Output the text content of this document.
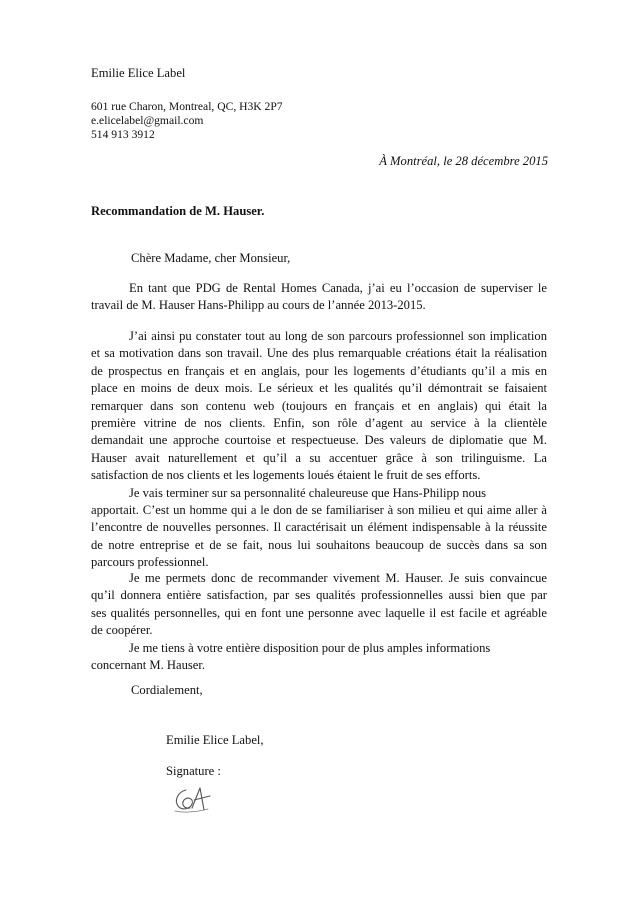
Emilie Elice Label
601 rue Charon, Montreal, QC, H3K 2P7
e.elicelabel@gmail.com
514 913 3912
À Montréal, le 28 décembre 2015
Recommandation de M. Hauser.
Chère Madame, cher Monsieur,
En tant que PDG de Rental Homes Canada, j’ai eu l’occasion de superviser le
travail de M. Hauser Hans-Philipp au cours de l’année 2013-2015.
J’ai ainsi pu constater tout au long de son parcours professionnel son implication
et sa motivation dans son travail. Une des plus remarquable créations était la réalisation
de prospectus en français et en anglais, pour les logements d’étudiants qu’il a mis en
place en moins de deux mois. Le sérieux et les qualités qu’il démontrait se faisaient
remarquer dans son contenu web (toujours en français et en anglais) qui était la
première vitrine de nos clients. Enfin, son rôle d’agent au service à la clientèle
demandait une approche courtoise et respectueuse. Des valeurs de diplomatie que M.
Hauser avait naturellement et qu’il a su accentuer grâce à son trilinguisme. La
satisfaction de nos clients et les logements loués étaient le fruit de ses efforts.
Je vais terminer sur sa personnalité chaleureuse que Hans-Philipp nous
apportait. C’est un homme qui a le don de se familiariser à son milieu et qui aime aller à
l’encontre de nouvelles personnes. Il caractérisait un élément indispensable à la réussite
de notre entreprise et de se fait, nous lui souhaitons beaucoup de succès dans sa son
parcours professionnel.
Je me permets donc de recommander vivement M. Hauser. Je suis convaincue
qu’il donnera entière satisfaction, par ses qualités professionnelles aussi bien que par
ses qualités personnelles, qui en font une personne avec laquelle il est facile et agréable
de coopérer.
Je me tiens à votre entière disposition pour de plus amples informations
concernant M. Hauser.
Cordialement,
Emilie Elice Label,
Signature :
